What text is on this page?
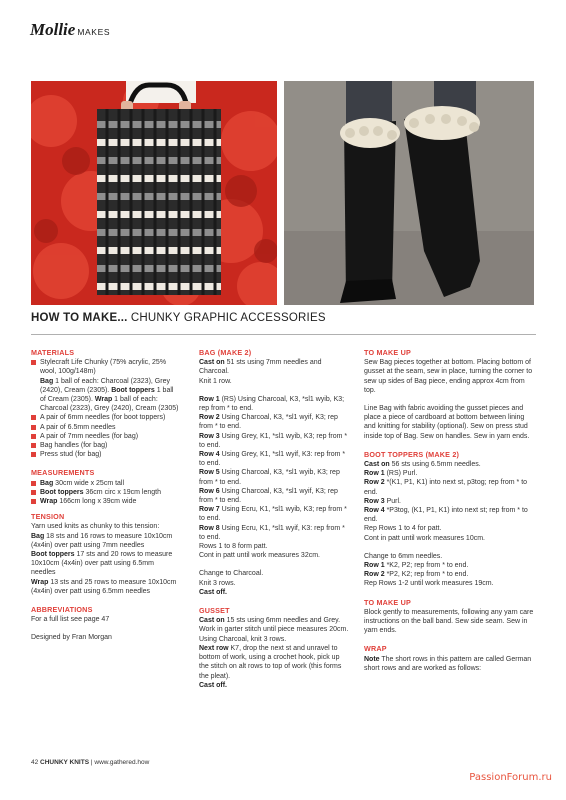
Mollie MAKES
HOW TO MAKE... CHUNKY GRAPHIC ACCESSORIES
MATERIALS
Stylecraft Life Chunky (75% acrylic, 25% wool, 100g/148m)
Bag 1 ball of each: Charcoal (2323), Grey (2420), Cream (2305). Boot toppers 1 ball of Cream (2305). Wrap 1 ball of each: Charcoal (2323), Grey (2420), Cream (2305)
A pair of 6mm needles (for boot toppers)
A pair of 6.5mm needles
A pair of 7mm needles (for bag)
Bag handles (for bag)
Press stud (for bag)
MEASUREMENTS
Bag 30cm wide x 25cm tall
Boot toppers 36cm circ x 19cm length
Wrap 166cm long x 39cm wide
TENSION

Yarn used knits as chunky to this tension:

Bag 18 sts and 16 rows to measure 10x10cm (4x4in) over patt using 7mm needles

Boot toppers 17 sts and 20 rows to measure 10x10cm (4x4in) over patt using 6.5mm needles

Wrap 13 sts and 25 rows to measure 10x10cm (4x4in) over patt using 6.5mm needles

ABBREVIATIONS

For a full list see page 47

Designed by Fran Morgan

BAG (MAKE 2)

Cast on 51 sts using 7mm needles and Charcoal.

Knit 1 row.

Row 1 (RS) Using Charcoal, K3, *sl1 wyib, K3; rep from * to end.

Row 2 Using Charcoal, K3, *sl1 wyif, K3; rep from * to end.

Row 3 Using Grey, K1, *sl1 wyib, K3; rep from * to end.

Row 4 Using Grey, K1, *sl1 wyif, K3: rep from * to end.

Row 5 Using Charcoal, K3, *sl1 wyib, K3; rep from * to end.

Row 6 Using Charcoal, K3, *sl1 wyif, K3; rep from * to end.

Row 7 Using Ecru, K1, *sl1 wyib, K3; rep from * to end.

Row 8 Using Ecru, K1, *sl1 wyif, K3: rep from * to end.

Rows 1 to 8 form patt.

Cont in patt until work measures 32cm.

Change to Charcoal.

Knit 3 rows.

Cast off.

GUSSET

Cast on 15 sts using 6mm needles and Grey.

Work in garter stitch until piece measures 20cm.

Using Charcoal, knit 3 rows.

Next row K7, drop the next st and unravel to bottom of work, using a crochet hook, pick up the stitch on alt rows to top of work (this forms the pleat).

Cast off.

TO MAKE UP

Sew Bag pieces together at bottom. Placing bottom of gusset at the seam, sew in place, turning the corner to sew up sides of Bag piece, ending approx 4cm from top.

Line Bag with fabric avoiding the gusset pieces and place a piece of cardboard at bottom between lining and knitting for stability (optional). Sew on press stud inside top of Bag. Sew on handles. Sew in yarn ends.

BOOT TOPPERS (MAKE 2)

Cast on 56 sts using 6.5mm needles.

Row 1 (RS) Purl.

Row 2 *(K1, P1, K1) into next st, p3tog; rep from * to end.

Row 3 Purl.

Row 4 *P3tog, (K1, P1, K1) into next st; rep from * to end.

Rep Rows 1 to 4 for patt.

Cont in patt until work measures 10cm.

Change to 6mm needles.

Row 1 *K2, P2; rep from * to end.

Row 2 *P2, K2; rep from * to end.

Rep Rows 1-2 until work measures 19cm.

TO MAKE UP

Block gently to measurements, following any yarn care instructions on the ball band. Sew side seam. Sew in yarn ends.

WRAP

Note The short rows in this pattern are called German short rows and are worked as follows:

42 CHUNKY KNITS | www.gathered.how
PassionForum.ru
